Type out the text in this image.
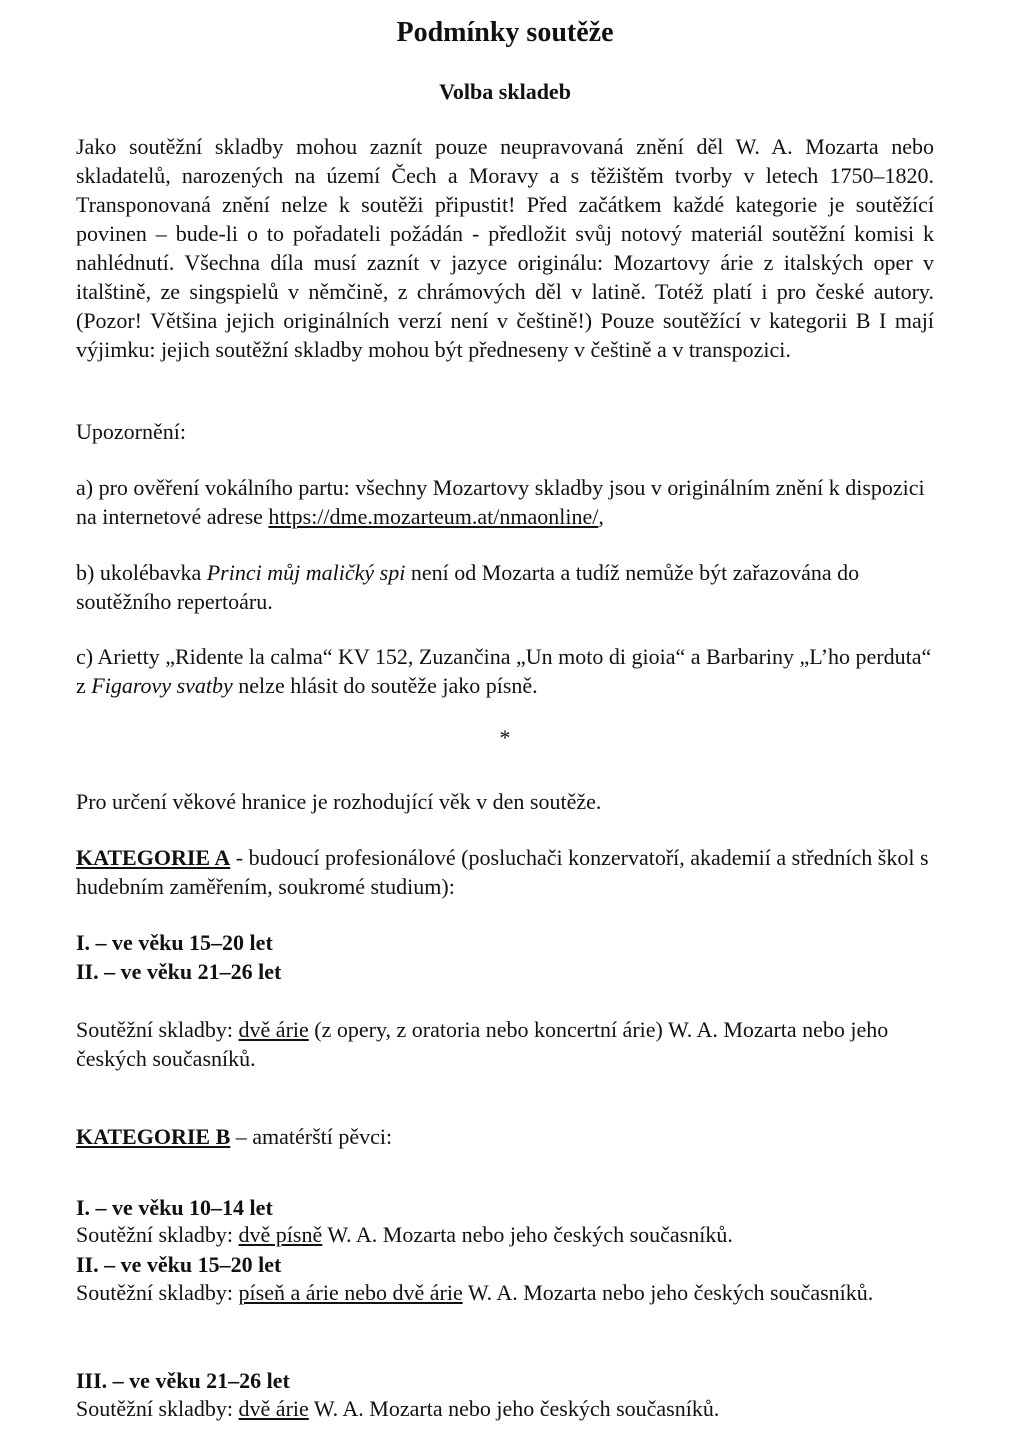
Podmínky soutěže
Volba skladeb
Jako soutěžní skladby mohou zaznít pouze neupravovaná znění děl W. A. Mozarta nebo skladatelů, narozených na území Čech a Moravy a s těžištěm tvorby v letech 1750–1820. Transponovaná znění nelze k soutěži připustit! Před začátkem každé kategorie je soutěžící povinen – bude-li o to pořadateli požádán - předložit svůj notový materiál soutěžní komisi k nahlédnutí. Všechna díla musí zaznít v jazyce originálu: Mozartovy árie z italských oper v italštině, ze singspielů v němčině, z chrámových děl v latině. Totéž platí i pro české autory. (Pozor! Většina jejich originálních verzí není v češtině!) Pouze soutěžící v kategorii B I mají výjimku: jejich soutěžní skladby mohou být předneseny v češtině a v transpozici.
Upozornění:
a) pro ověření vokálního partu: všechny Mozartovy skladby jsou v originálním znění k dispozici na internetové adrese https://dme.mozarteum.at/nmaonline/,
b) ukolébavka Princi můj maličký spi není od Mozarta a tudíž nemůže být zařazována do soutěžního repertoáru.
c) Arietty „Ridente la calma“ KV 152, Zuzančina „Un moto di gioia“ a Barbariny „L’ho perduta“ z Figarovy svatby nelze hlásit do soutěže jako písně.
*
Pro určení věkové hranice je rozhodující věk v den soutěže.
KATEGORIE A - budoucí profesionálové (posluchači konzervatoří, akademií a středních škol s hudebním zaměřením, soukromé studium):
I. – ve věku 15–20 let
II. – ve věku 21–26 let
Soutěžní skladby: dvě árie (z opery, z oratoria nebo koncertní árie) W. A. Mozarta nebo jeho českých současníků.
KATEGORIE B – amatérští pěvci:
I. – ve věku 10–14 let
Soutěžní skladby: dvě písně W. A. Mozarta nebo jeho českých současníků.
II. – ve věku 15–20 let
Soutěžní skladby: píseň a árie nebo dvě árie W. A. Mozarta nebo jeho českých současníků.
III. – ve věku 21–26 let
Soutěžní skladby: dvě árie W. A. Mozarta nebo jeho českých současníků.
